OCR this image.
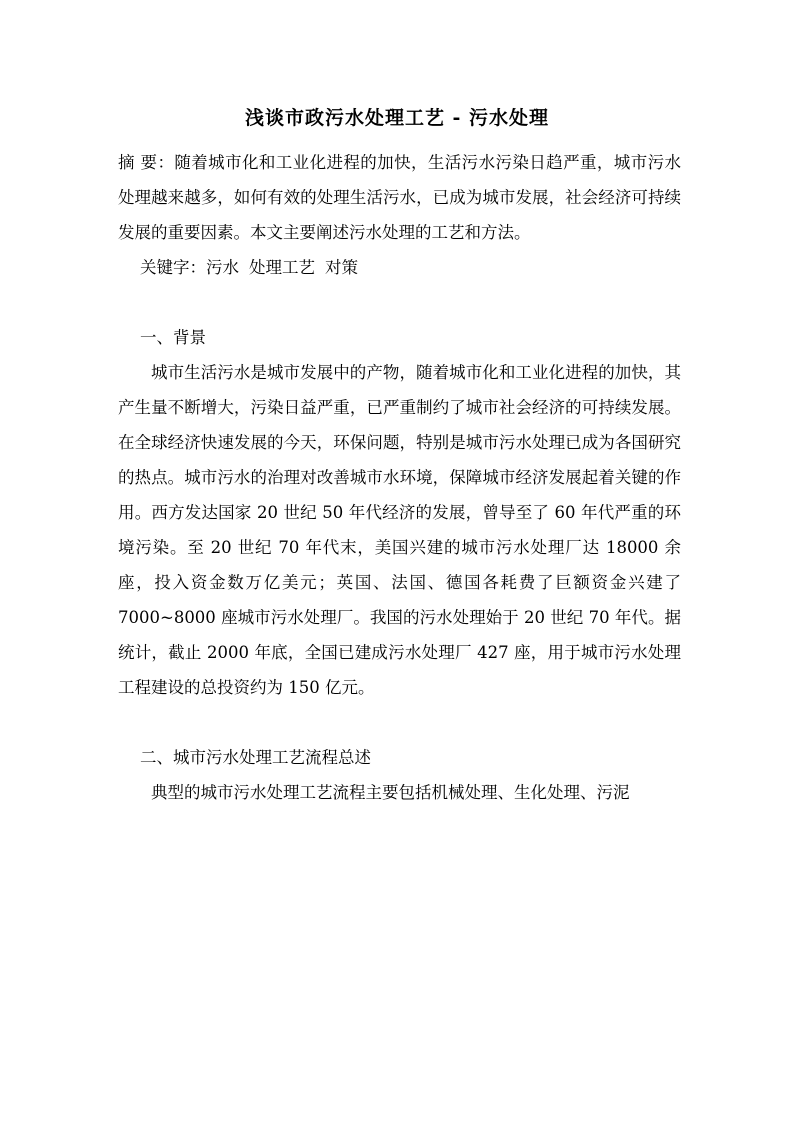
浅谈市政污水处理工艺 - 污水处理

摘 要：随着城市化和工业化进程的加快，生活污水污染日趋严重，城市污水处理越来越多，如何有效的处理生活污水，已成为城市发展，社会经济可持续发展的重要因素。本文主要阐述污水处理的工艺和方法。

关键字：污水 处理工艺 对策

一、背景

城市生活污水是城市发展中的产物，随着城市化和工业化进程的加快，其产生量不断增大，污染日益严重，已严重制约了城市社会经济的可持续发展。在全球经济快速发展的今天，环保问题，特别是城市污水处理已成为各国研究的热点。城市污水的治理对改善城市水环境，保障城市经济发展起着关键的作用。西方发达国家 20 世纪 50 年代经济的发展，曾导至了 60 年代严重的环境污染。至 20 世纪 70 年代末，美国兴建的城市污水处理厂达 18000 余座，投入资金数万亿美元；英国、法国、德国各耗费了巨额资金兴建了 7000~8000 座城市污水处理厂。我国的污水处理始于 20 世纪 70 年代。据统计，截止 2000 年底，全国已建成污水处理厂 427 座，用于城市污水处理工程建设的总投资约为 150 亿元。

二、城市污水处理工艺流程总述

典型的城市污水处理工艺流程主要包括机械处理、生化处理、污泥
